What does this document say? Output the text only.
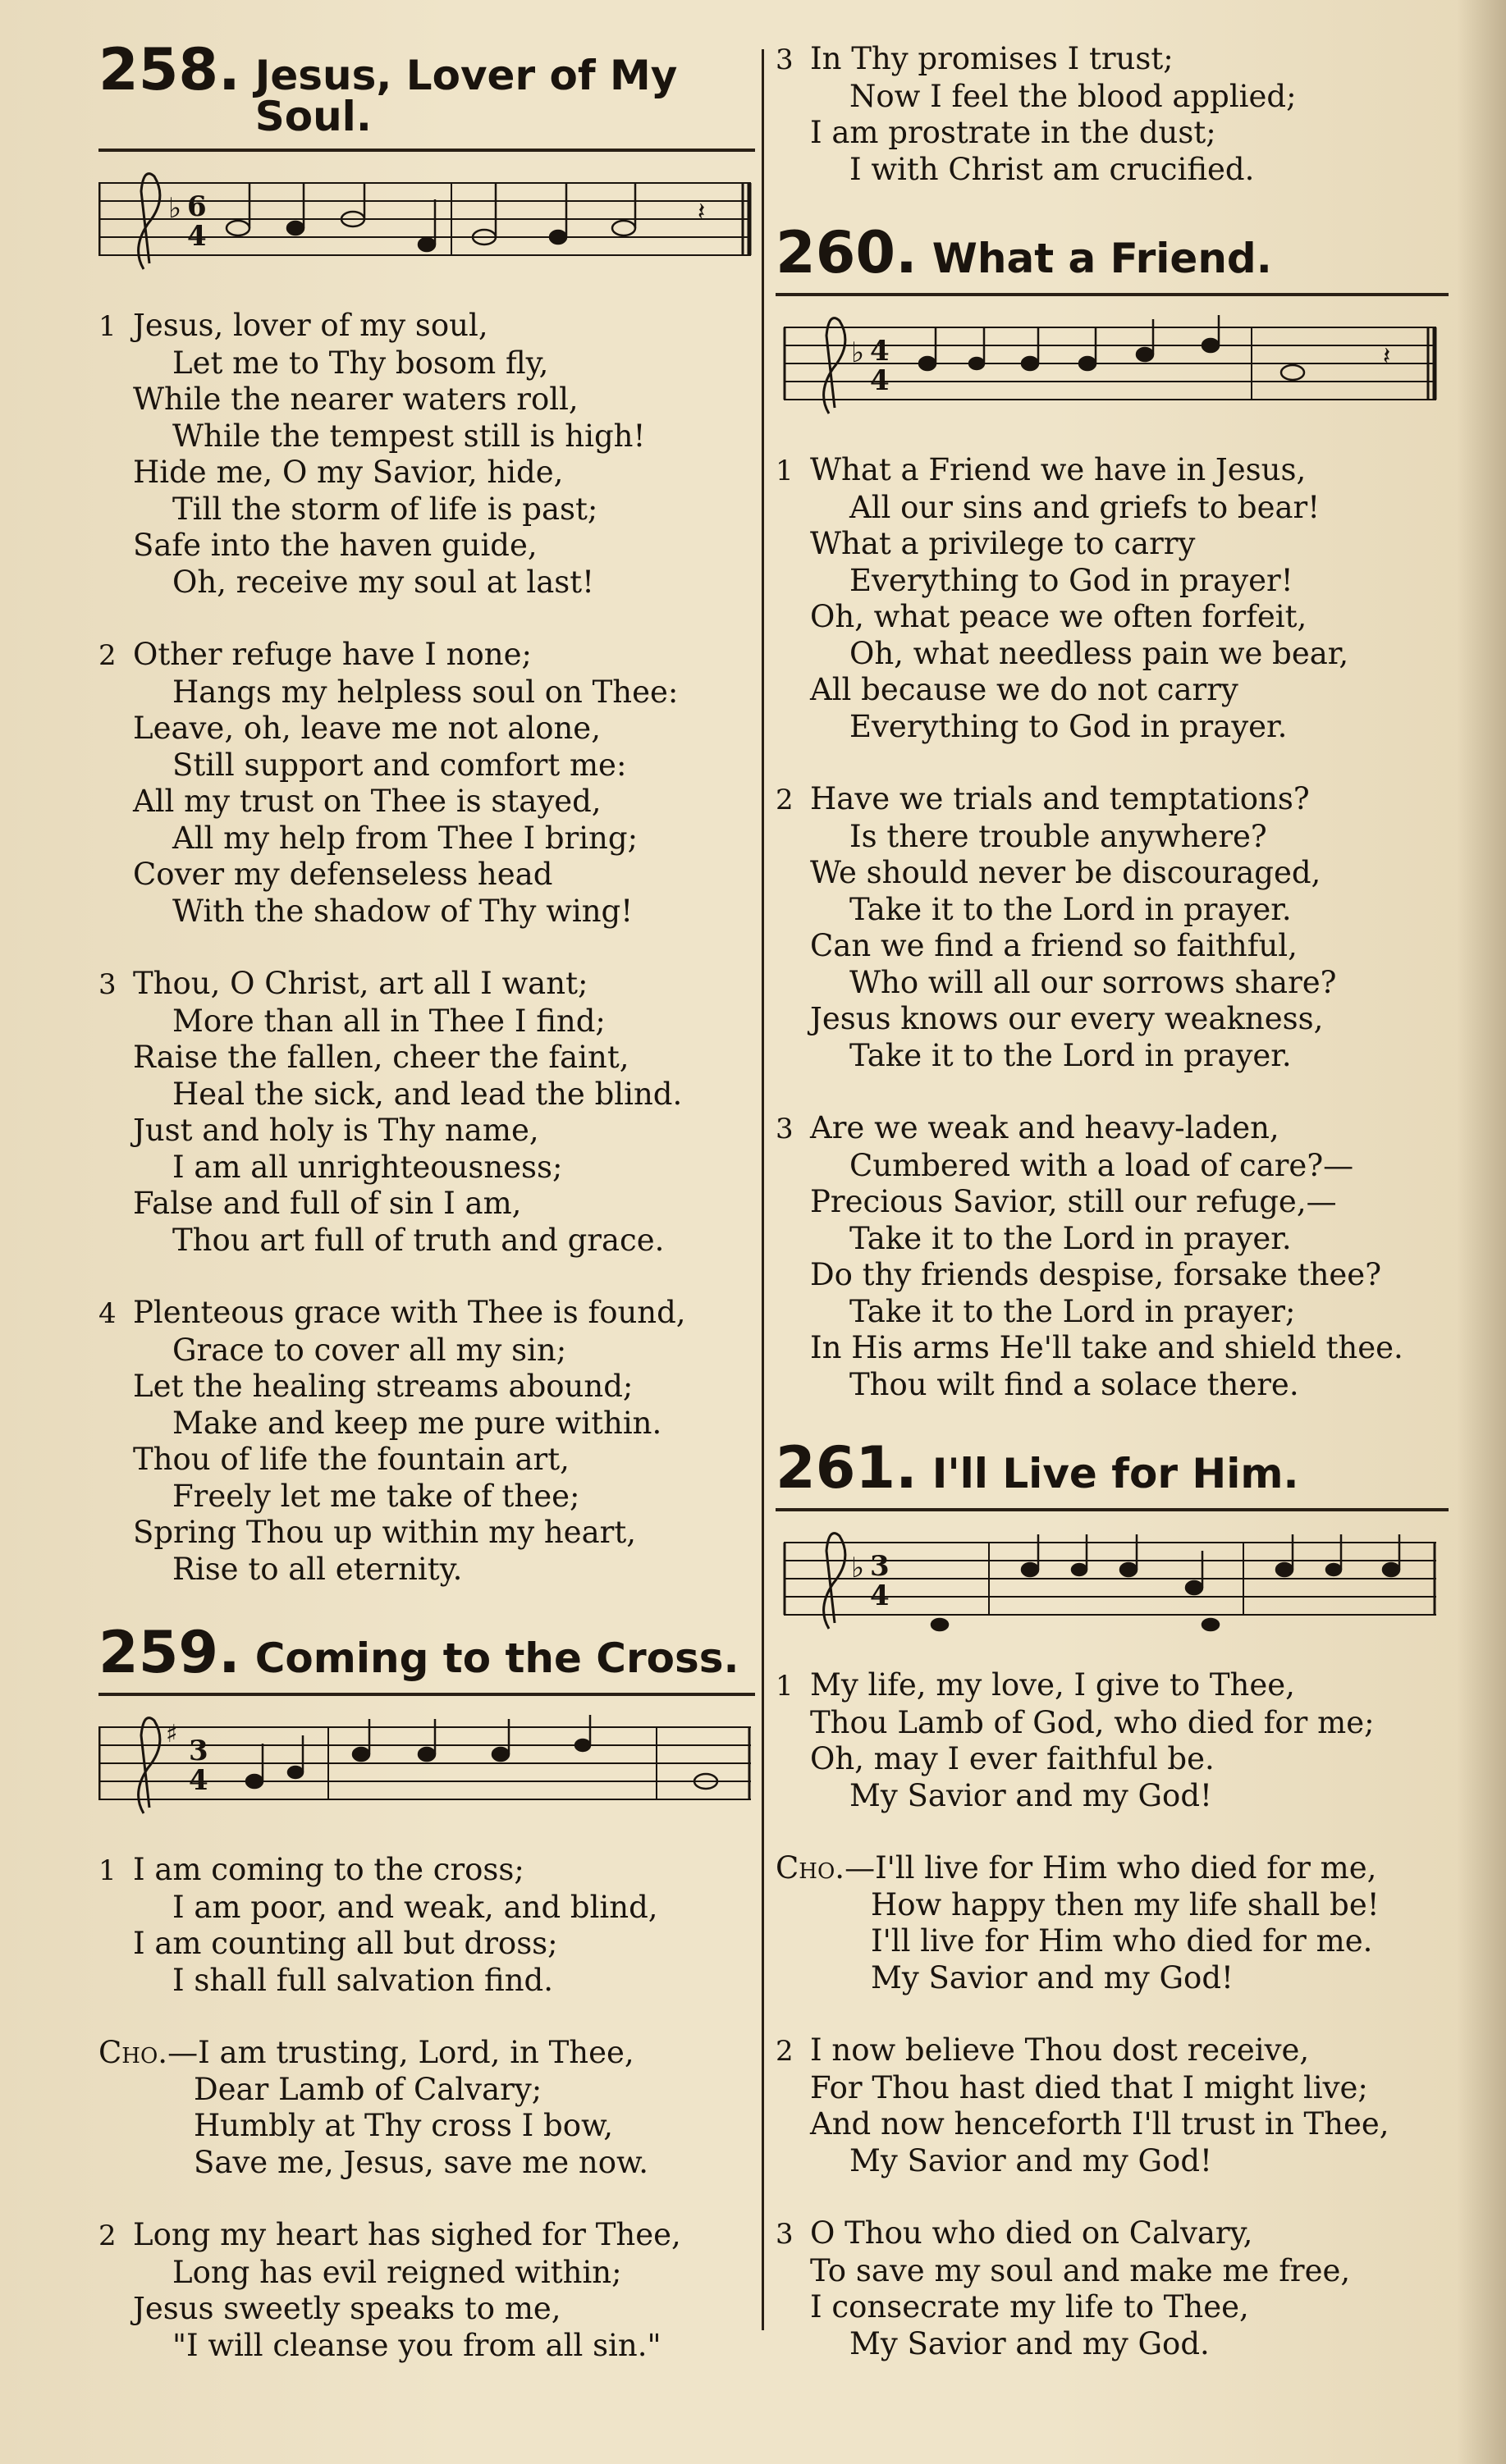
258. Jesus, Lover of My Soul.
♭ 6
4
𝄽
1 Jesus, lover of my soul,
Let me to Thy bosom fly,
While the nearer waters roll,
While the tempest still is high!
Hide me, O my Savior, hide,
Till the storm of life is past;
Safe into the haven guide,
Oh, receive my soul at last!
2 Other refuge have I none;
Hangs my helpless soul on Thee:
Leave, oh, leave me not alone,
Still support and comfort me:
All my trust on Thee is stayed,
All my help from Thee I bring;
Cover my defenseless head
With the shadow of Thy wing!
3 Thou, O Christ, art all I want;
More than all in Thee I find;
Raise the fallen, cheer the faint,
Heal the sick, and lead the blind.
Just and holy is Thy name,
I am all unrighteousness;
False and full of sin I am,
Thou art full of truth and grace.
4 Plenteous grace with Thee is found,
Grace to cover all my sin;
Let the healing streams abound;
Make and keep me pure within.
Thou of life the fountain art,
Freely let me take of thee;
Spring Thou up within my heart,
Rise to all eternity.
259. Coming to the Cross.
♯
3
4
1 I am coming to the cross;
I am poor, and weak, and blind,
I am counting all but dross;
I shall full salvation find.
Cho.—I am trusting, Lord, in Thee,
Dear Lamb of Calvary;
Humbly at Thy cross I bow,
Save me, Jesus, save me now.
2 Long my heart has sighed for Thee,
Long has evil reigned within;
Jesus sweetly speaks to me,
"I will cleanse you from all sin."
3 In Thy promises I trust;
Now I feel the blood applied;
I am prostrate in the dust;
I with Christ am crucified.
260. What a Friend.
♭ 4
4
𝄽
1 What a Friend we have in Jesus,
All our sins and griefs to bear!
What a privilege to carry
Everything to God in prayer!
Oh, what peace we often forfeit,
Oh, what needless pain we bear,
All because we do not carry
Everything to God in prayer.
2 Have we trials and temptations?
Is there trouble anywhere?
We should never be discouraged,
Take it to the Lord in prayer.
Can we find a friend so faithful,
Who will all our sorrows share?
Jesus knows our every weakness,
Take it to the Lord in prayer.
3 Are we weak and heavy-laden,
Cumbered with a load of care?—
Precious Savior, still our refuge,—
Take it to the Lord in prayer.
Do thy friends despise, forsake thee?
Take it to the Lord in prayer;
In His arms He'll take and shield thee.
Thou wilt find a solace there.
261. I'll Live for Him.
♭ 3
4
1 My life, my love, I give to Thee,
Thou Lamb of God, who died for me;
Oh, may I ever faithful be.
My Savior and my God!
Cho.—I'll live for Him who died for me,
How happy then my life shall be!
I'll live for Him who died for me.
My Savior and my God!
2 I now believe Thou dost receive,
For Thou hast died that I might live;
And now henceforth I'll trust in Thee,
My Savior and my God!
3 O Thou who died on Calvary,
To save my soul and make me free,
I consecrate my life to Thee,
My Savior and my God.
